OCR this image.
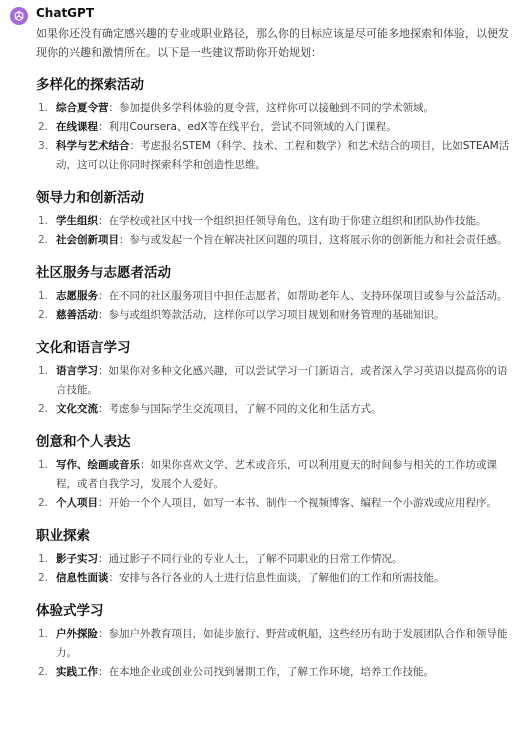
ChatGPT

如果你还没有确定感兴趣的专业或职业路径，那么你的目标应该是尽可能多地探索和体验，以便发现你的兴趣和激情所在。以下是一些建议帮助你开始规划：

多样化的探索活动
1. 综合夏令营：参加提供多学科体验的夏令营，这样你可以接触到不同的学术领域。
2. 在线课程：利用Coursera、edX等在线平台，尝试不同领域的入门课程。
3. 科学与艺术结合：考虑报名STEM（科学、技术、工程和数学）和艺术结合的项目，比如STEAM活动，这可以让你同时探索科学和创造性思维。
领导力和创新活动
1. 学生组织：在学校或社区中找一个组织担任领导角色，这有助于你建立组织和团队协作技能。
2. 社会创新项目：参与或发起一个旨在解决社区问题的项目，这将展示你的创新能力和社会责任感。
社区服务与志愿者活动
1. 志愿服务：在不同的社区服务项目中担任志愿者，如帮助老年人、支持环保项目或参与公益活动。
2. 慈善活动：参与或组织筹款活动，这样你可以学习项目规划和财务管理的基础知识。
文化和语言学习
1. 语言学习：如果你对多种文化感兴趣，可以尝试学习一门新语言，或者深入学习英语以提高你的语言技能。
2. 文化交流：考虑参与国际学生交流项目，了解不同的文化和生活方式。
创意和个人表达
1. 写作、绘画或音乐：如果你喜欢文学、艺术或音乐，可以利用夏天的时间参与相关的工作坊或课程，或者自我学习，发展个人爱好。
2. 个人项目：开始一个个人项目，如写一本书、制作一个视频博客、编程一个小游戏或应用程序。
职业探索
1. 影子实习：通过影子不同行业的专业人士，了解不同职业的日常工作情况。
2. 信息性面谈：安排与各行各业的人士进行信息性面谈，了解他们的工作和所需技能。
体验式学习
1. 户外探险：参加户外教育项目，如徒步旅行、野营或帆船，这些经历有助于发展团队合作和领导能力。
2. 实践工作：在本地企业或创业公司找到暑期工作，了解工作环境，培养工作技能。
